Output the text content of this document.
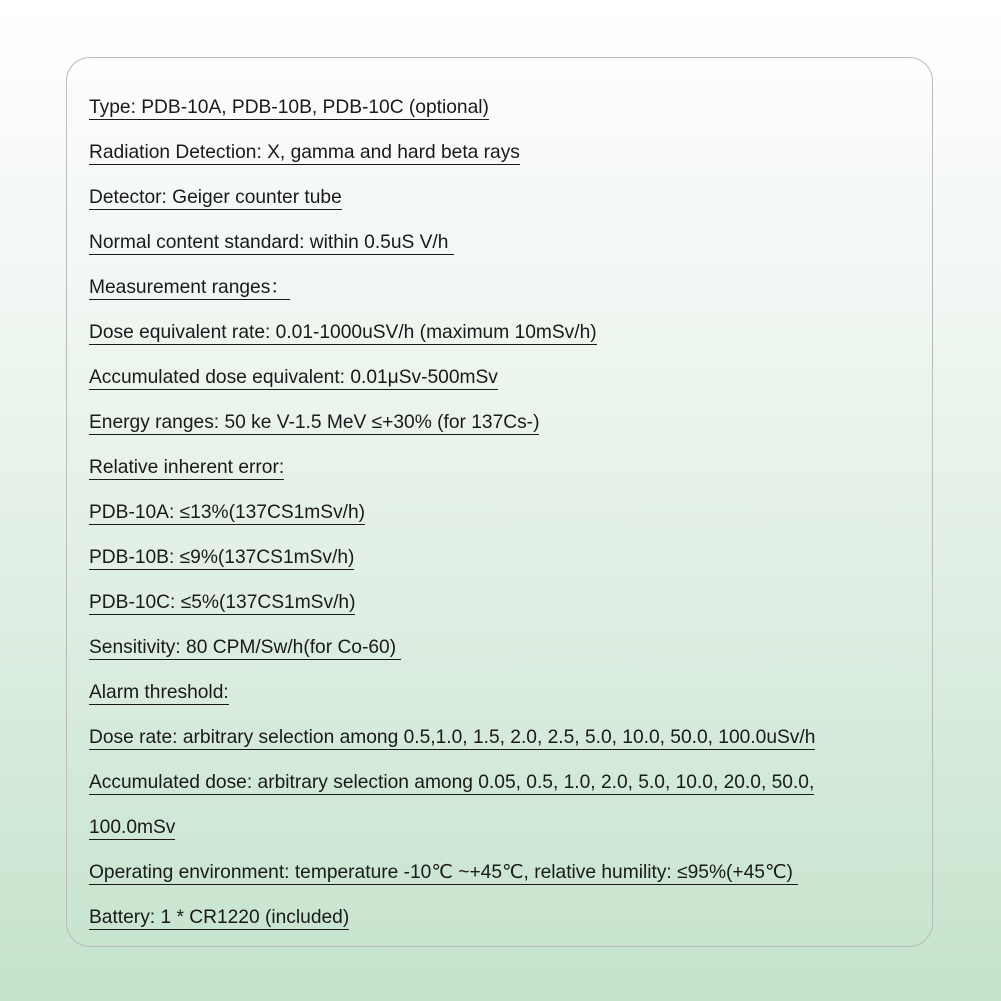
Type: PDB-10A, PDB-10B, PDB-10C (optional)
Radiation Detection: X, gamma and hard beta rays
Detector: Geiger counter tube
Normal content standard: within 0.5uS V/h
Measurement ranges：
Dose equivalent rate: 0.01-1000uSV/h (maximum 10mSv/h)
Accumulated dose equivalent: 0.01μSv-500mSv
Energy ranges: 50 ke V-1.5 MeV ≤+30% (for 137Cs-)
Relative inherent error:
PDB-10A: ≤13%(137CS1mSv/h)
PDB-10B: ≤9%(137CS1mSv/h)
PDB-10C: ≤5%(137CS1mSv/h)
Sensitivity: 80 CPM/Sw/h(for Co-60)
Alarm threshold:
Dose rate: arbitrary selection among 0.5,1.0, 1.5, 2.0, 2.5, 5.0, 10.0, 50.0, 100.0uSv/h
Accumulated dose: arbitrary selection among 0.05, 0.5, 1.0, 2.0, 5.0, 10.0, 20.0, 50.0,
100.0mSv
Operating environment: temperature -10℃ ~+45℃, relative humility: ≤95%(+45℃)
Battery: 1 * CR1220 (included)
